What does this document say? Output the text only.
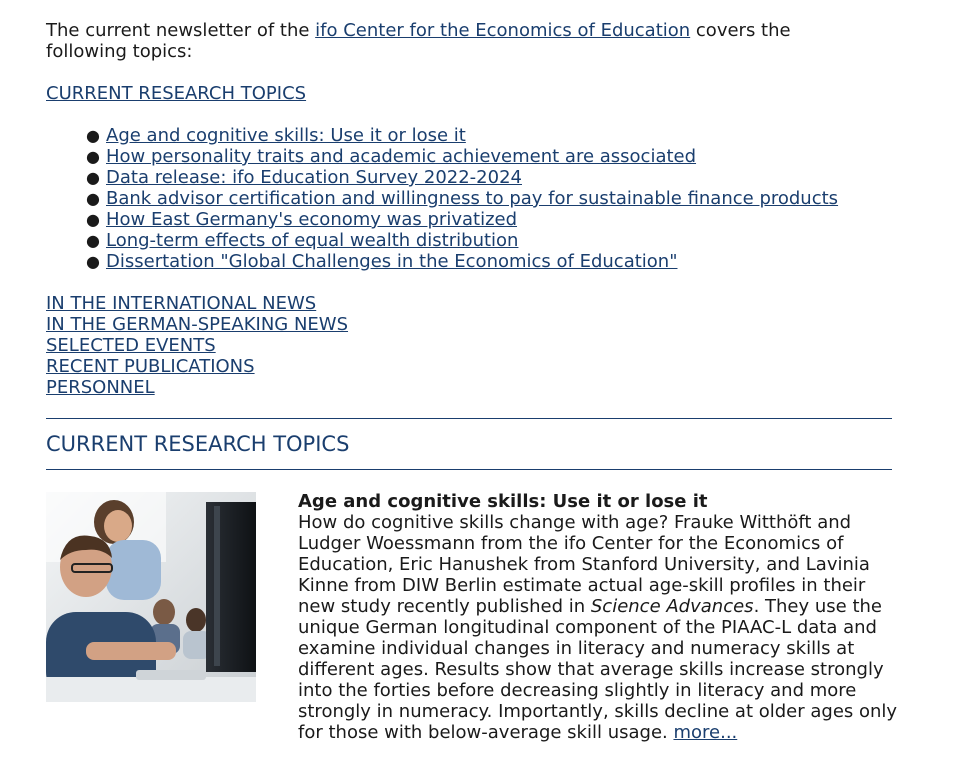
The current newsletter of the ifo Center for the Economics of Education covers the following topics:

CURRENT RESEARCH TOPICS
● Age and cognitive skills: Use it or lose it
● How personality traits and academic achievement are associated
● Data release: ifo Education Survey 2022-2024
● Bank advisor certification and willingness to pay for sustainable finance products
● How East Germany's economy was privatized
● Long-term effects of equal wealth distribution
● Dissertation "Global Challenges in the Economics of Education"
IN THE INTERNATIONAL NEWS
IN THE GERMAN-SPEAKING NEWS
SELECTED EVENTS
RECENT PUBLICATIONS
PERSONNEL
CURRENT RESEARCH TOPICS

Age and cognitive skills: Use it or lose it

How do cognitive skills change with age? Frauke Witthöft and Ludger Woessmann from the ifo Center for the Economics of Education, Eric Hanushek from Stanford University, and Lavinia Kinne from DIW Berlin estimate actual age-skill profiles in their new study recently published in Science Advances. They use the unique German longitudinal component of the PIAAC-L data and examine individual changes in literacy and numeracy skills at different ages. Results show that average skills increase strongly into the forties before decreasing slightly in literacy and more strongly in numeracy. Importantly, skills decline at older ages only for those with below-average skill usage. more...
